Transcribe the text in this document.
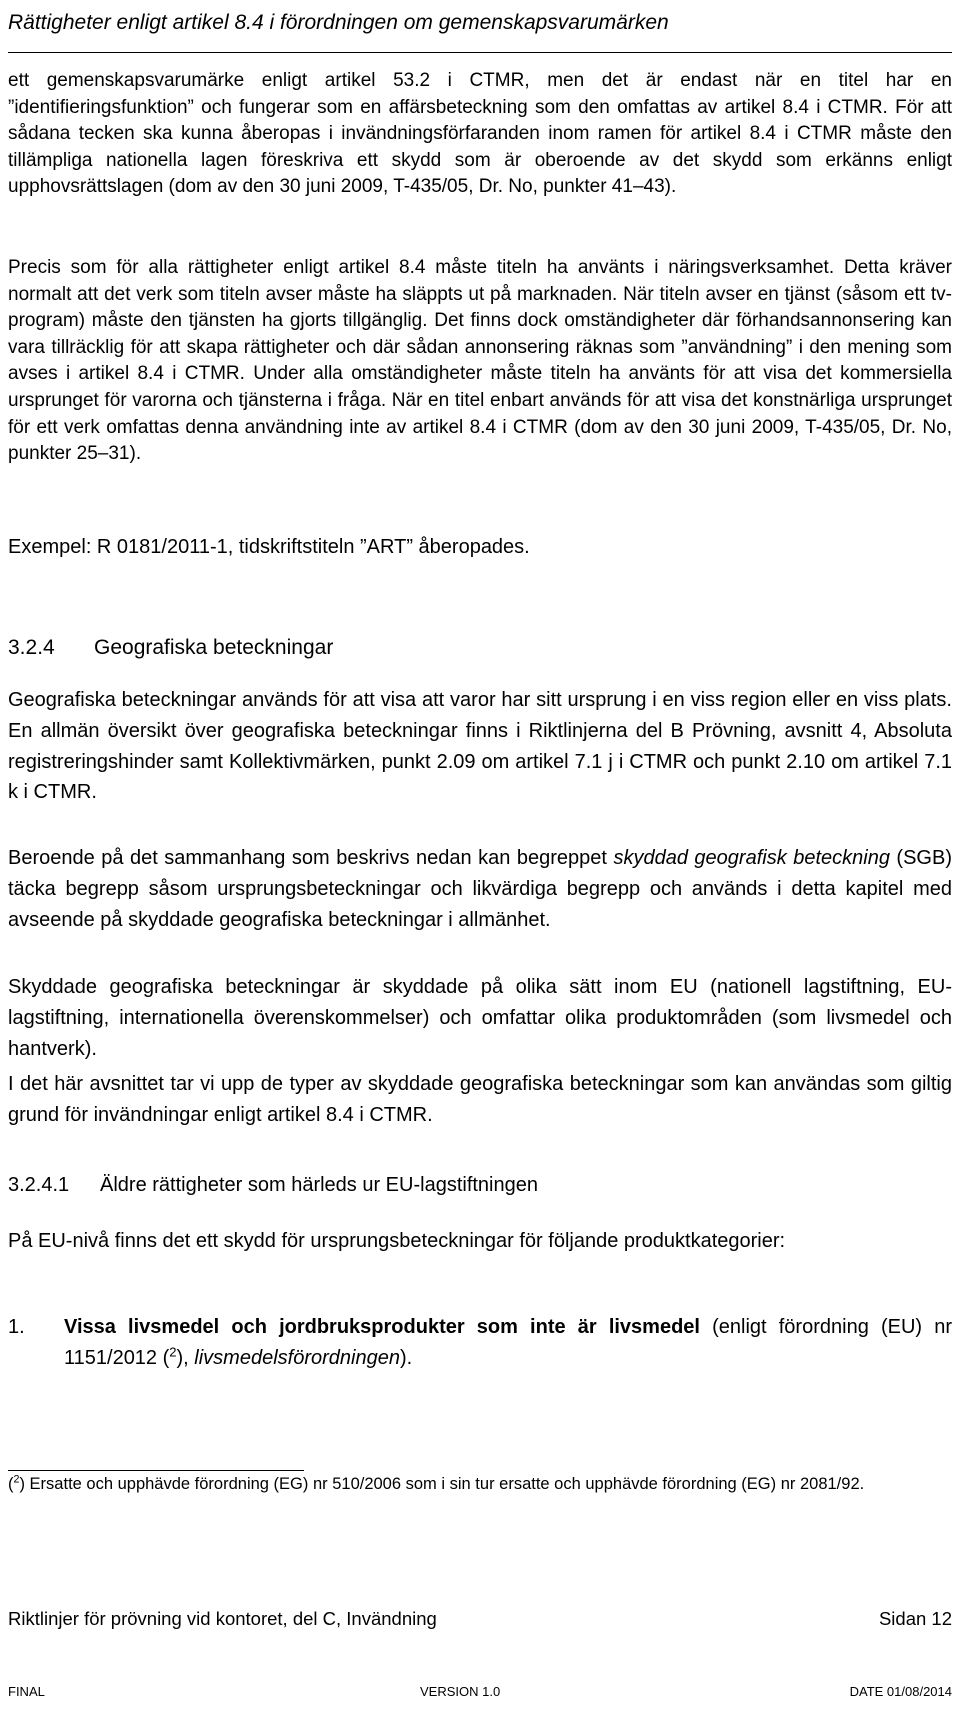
Rättigheter enligt artikel 8.4 i förordningen om gemenskapsvarumärken

ett gemenskapsvarumärke enligt artikel 53.2 i CTMR, men det är endast när en titel har en ”identifieringsfunktion” och fungerar som en affärsbeteckning som den omfattas av artikel 8.4 i CTMR. För att sådana tecken ska kunna åberopas i invändningsförfaranden inom ramen för artikel 8.4 i CTMR måste den tillämpliga nationella lagen föreskriva ett skydd som är oberoende av det skydd som erkänns enligt upphovsrättslagen (dom av den 30 juni 2009, T-435/05, Dr. No, punkter 41–43).

Precis som för alla rättigheter enligt artikel 8.4 måste titeln ha använts i näringsverksamhet. Detta kräver normalt att det verk som titeln avser måste ha släppts ut på marknaden. När titeln avser en tjänst (såsom ett tv-program) måste den tjänsten ha gjorts tillgänglig. Det finns dock omständigheter där förhandsannonsering kan vara tillräcklig för att skapa rättigheter och där sådan annonsering räknas som ”användning” i den mening som avses i artikel 8.4 i CTMR. Under alla omständigheter måste titeln ha använts för att visa det kommersiella ursprunget för varorna och tjänsterna i fråga. När en titel enbart används för att visa det konstnärliga ursprunget för ett verk omfattas denna användning inte av artikel 8.4 i CTMR (dom av den 30 juni 2009, T-435/05, Dr. No, punkter 25–31).

Exempel: R 0181/2011-1, tidskriftstiteln ”ART” åberopades.

3.2.4 Geografiska beteckningar

Geografiska beteckningar används för att visa att varor har sitt ursprung i en viss region eller en viss plats. En allmän översikt över geografiska beteckningar finns i Riktlinjerna del B Prövning, avsnitt 4, Absoluta registreringshinder samt Kollektivmärken, punkt 2.09 om artikel 7.1 j i CTMR och punkt 2.10 om artikel 7.1 k i CTMR.

Beroende på det sammanhang som beskrivs nedan kan begreppet skyddad geografisk beteckning (SGB) täcka begrepp såsom ursprungsbeteckningar och likvärdiga begrepp och används i detta kapitel med avseende på skyddade geografiska beteckningar i allmänhet.

Skyddade geografiska beteckningar är skyddade på olika sätt inom EU (nationell lagstiftning, EU-lagstiftning, internationella överenskommelser) och omfattar olika produktområden (som livsmedel och hantverk).

I det här avsnittet tar vi upp de typer av skyddade geografiska beteckningar som kan användas som giltig grund för invändningar enligt artikel 8.4 i CTMR.

3.2.4.1 Äldre rättigheter som härleds ur EU-lagstiftningen

På EU-nivå finns det ett skydd för ursprungsbeteckningar för följande produktkategorier:

1. Vissa livsmedel och jordbruksprodukter som inte är livsmedel (enligt förordning (EU) nr 1151/2012 ($^2$), livsmedelsförordningen).

($^2$) Ersatte och upphävde förordning (EG) nr 510/2006 som i sin tur ersatte och upphävde förordning (EG) nr 2081/92.
Riktlinjer för prövning vid kontoret, del C, Invändning	Sidan 12
FINAL	VERSION 1.0	DATE 01/08/2014
